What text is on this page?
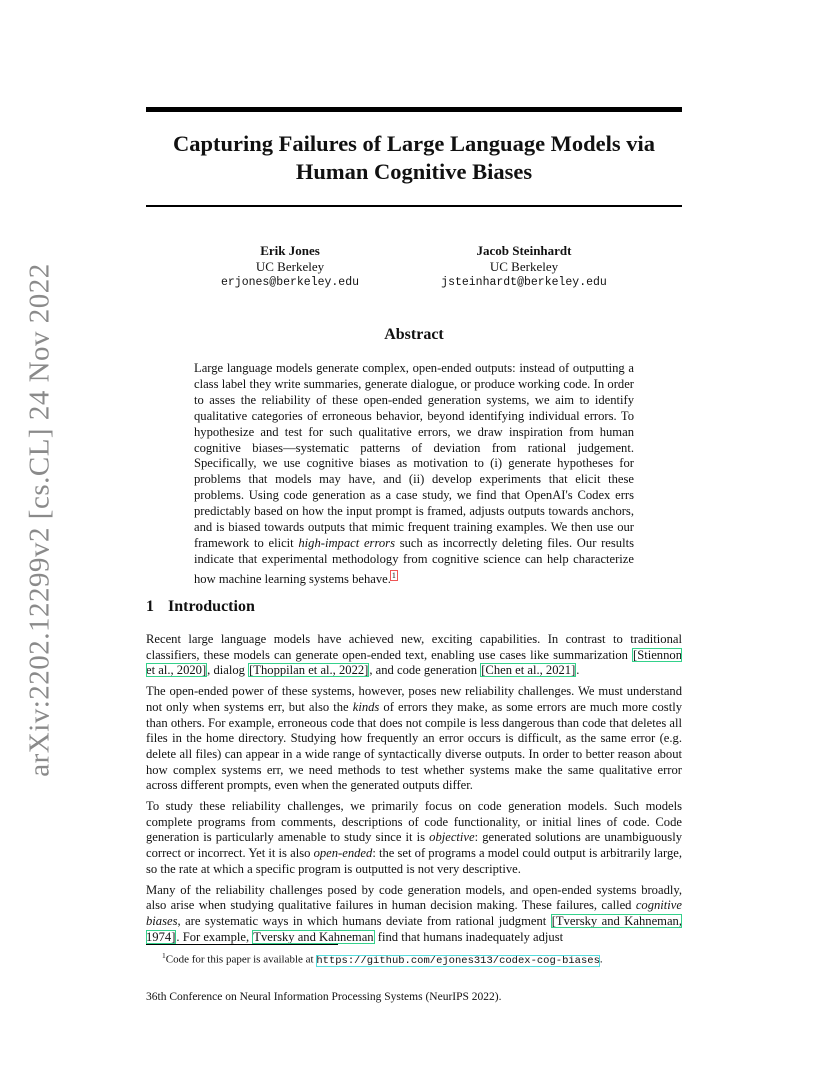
arXiv:2202.12299v2 [cs.CL] 24 Nov 2022
Capturing Failures of Large Language Models via
Human Cognitive Biases
Erik Jones
UC Berkeley
erjones@berkeley.edu
Jacob Steinhardt
UC Berkeley
jsteinhardt@berkeley.edu
Abstract

Large language models generate complex, open-ended outputs: instead of outputting a class label they write summaries, generate dialogue, or produce working code. In order to asses the reliability of these open-ended generation systems, we aim to identify qualitative categories of erroneous behavior, beyond identifying individual errors. To hypothesize and test for such qualitative errors, we draw inspiration from human cognitive biases—systematic patterns of deviation from rational judgement. Specifically, we use cognitive biases as motivation to (i) generate hypotheses for problems that models may have, and (ii) develop experiments that elicit these problems. Using code generation as a case study, we find that OpenAI's Codex errs predictably based on how the input prompt is framed, adjusts outputs towards anchors, and is biased towards outputs that mimic frequent training examples. We then use our framework to elicit high-impact errors such as incorrectly deleting files. Our results indicate that experimental methodology from cognitive science can help characterize how machine learning systems behave.$^1$

1 Introduction

Recent large language models have achieved new, exciting capabilities. In contrast to traditional classifiers, these models can generate open-ended text, enabling use cases like summarization [Stiennon et al., 2020], dialog [Thoppilan et al., 2022], and code generation [Chen et al., 2021].

The open-ended power of these systems, however, poses new reliability challenges. We must understand not only when systems err, but also the kinds of errors they make, as some errors are much more costly than others. For example, erroneous code that does not compile is less dangerous than code that deletes all files in the home directory. Studying how frequently an error occurs is difficult, as the same error (e.g. delete all files) can appear in a wide range of syntactically diverse outputs. In order to better reason about how complex systems err, we need methods to test whether systems make the same qualitative error across different prompts, even when the generated outputs differ.

To study these reliability challenges, we primarily focus on code generation models. Such models complete programs from comments, descriptions of code functionality, or initial lines of code. Code generation is particularly amenable to study since it is objective: generated solutions are unambiguously correct or incorrect. Yet it is also open-ended: the set of programs a model could output is arbitrarily large, so the rate at which a specific program is outputted is not very descriptive.

Many of the reliability challenges posed by code generation models, and open-ended systems broadly, also arise when studying qualitative failures in human decision making. These failures, called cognitive biases, are systematic ways in which humans deviate from rational judgment [Tversky and Kahneman, 1974]. For example, Tversky and Kahneman find that humans inadequately adjust

$^1$Code for this paper is available at https://github.com/ejones313/codex-cog-biases.
36th Conference on Neural Information Processing Systems (NeurIPS 2022).
